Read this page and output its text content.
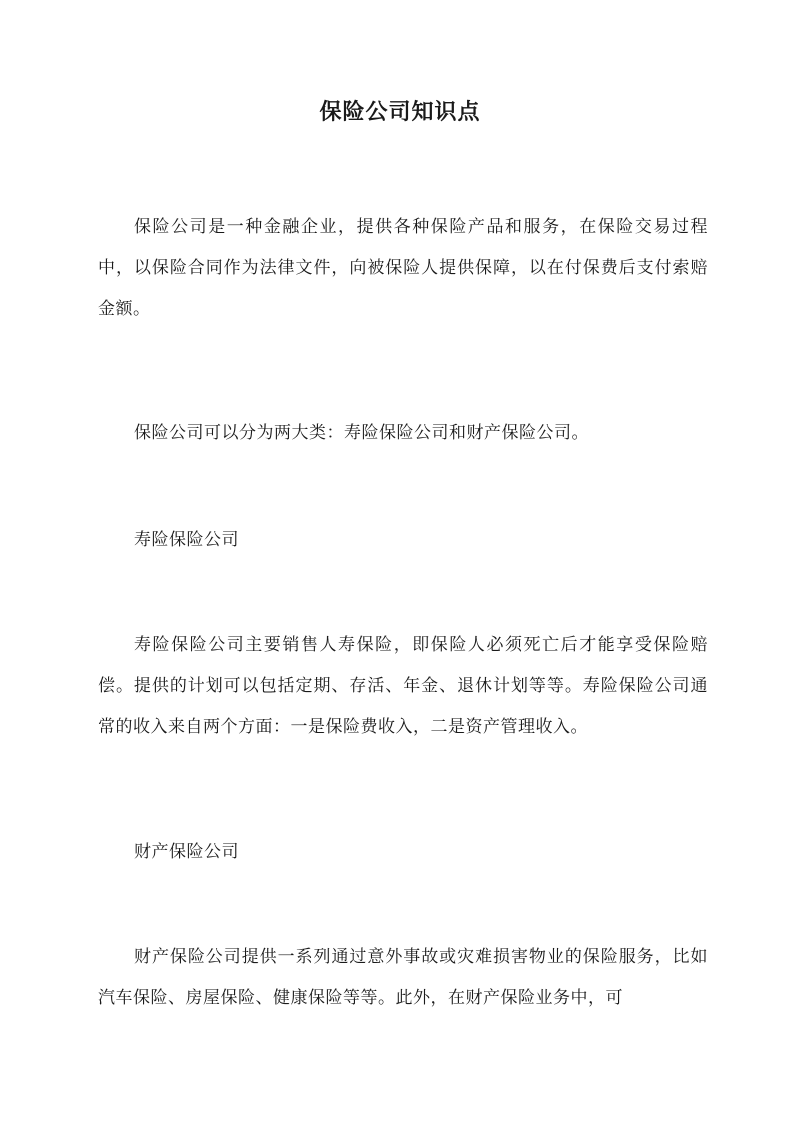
保险公司知识点

保险公司是一种金融企业，提供各种保险产品和服务，在保险交易过程中，以保险合同作为法律文件，向被保险人提供保障，以在付保费后支付索赔金额。

保险公司可以分为两大类：寿险保险公司和财产保险公司。

寿险保险公司

寿险保险公司主要销售人寿保险，即保险人必须死亡后才能享受保险赔偿。提供的计划可以包括定期、存活、年金、退休计划等等。寿险保险公司通常的收入来自两个方面：一是保险费收入，二是资产管理收入。

财产保险公司

财产保险公司提供一系列通过意外事故或灾难损害物业的保险服务，比如汽车保险、房屋保险、健康保险等等。此外，在财产保险业务中，可
